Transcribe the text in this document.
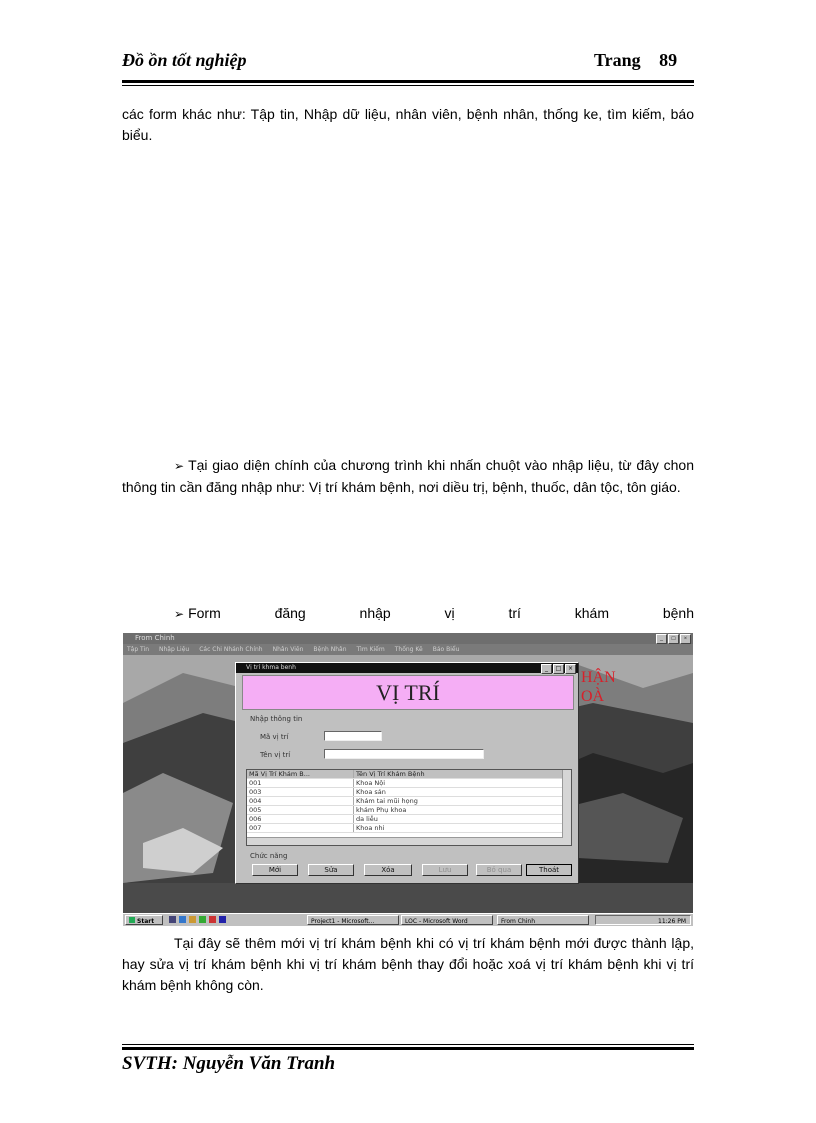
Đồ ồn tốt nghiệp	Trang 89
các form khác như: Tập tin, Nhập dữ liệu, nhân viên, bệnh nhân, thống ke, tìm kiếm, báo biểu.
➢ Tại giao diện chính của chương trình khi nhấn chuột vào nhập liệu, từ đây chon thông tin cần đăng nhập như: Vị trí khám bệnh, nơi diều trị, bệnh, thuốc, dân tộc, tôn giáo.
➢ Form đăng nhập vị trí khám bệnh
From Chinh	_	□	×
Tập Tin Nhập Liệu Các Chi Nhánh Chính Nhân Viên Bệnh Nhân Tìm Kiếm Thống Kê Báo Biểu
HẬN
OÀ
Vị trí khma benh	_	□	×
VỊ TRÍ
Nhập thông tin
Mã vị trí
Tên vị trí
Mã Vị Trí Khám B...	Tên Vị Trí Khám Bệnh
001	Khoa Nội
003	Khoa sản
004	Khám tai mũi họng
005	khám Phụ khoa
006	da liễu
007	Khoa nhi
Chức năng
Mới	Sửa	Xóa	Lưu	Bỏ qua	Thoát
Start	Project1 - Microsoft...	LOC - Microsoft Word	From Chinh	11:26 PM
Tại đây sẽ thêm mới vị trí khám bệnh khi có vị trí khám bệnh mới được thành lập, hay sửa vị trí khám bệnh khi vị trí khám bệnh thay đổi hoặc xoá vị trí khám bệnh khi vị trí khám bệnh không còn.
SVTH: Nguyễn Văn Tranh
